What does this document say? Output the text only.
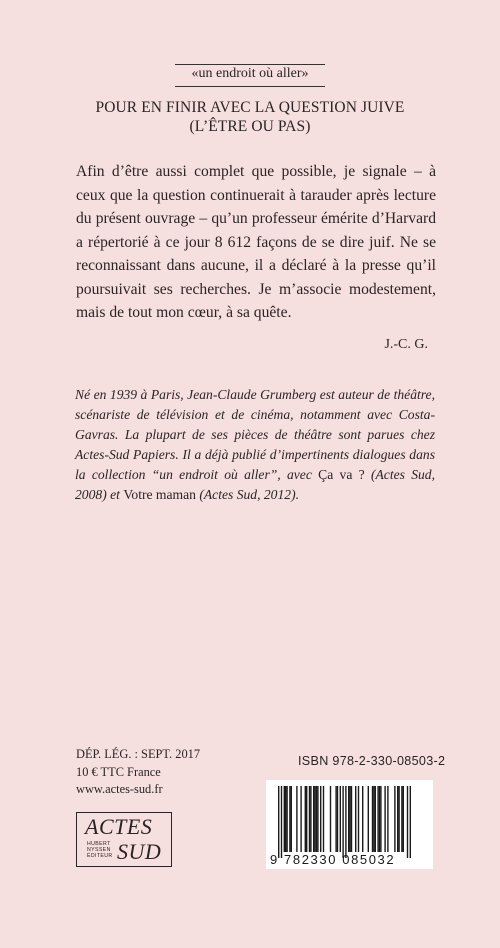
«un endroit où aller»
POUR EN FINIR AVEC LA QUESTION JUIVE
(L’ÊTRE OU PAS)

Afin d’être aussi complet que possible, je signale – à ceux que la question continuerait à tarauder après lecture du présent ouvrage – qu’un professeur émérite d’Harvard a répertorié à ce jour 8 612 façons de se dire juif. Ne se reconnaissant dans aucune, il a déclaré à la presse qu’il poursuivait ses recherches. Je m’associe modestement, mais de tout mon cœur, à sa quête.

J.-C. G.
Né en 1939 à Paris, Jean-Claude Grumberg est auteur de théâtre, scénariste de télévision et de cinéma, notamment avec Costa-Gavras. La plupart de ses pièces de théâtre sont parues chez Actes-Sud Papiers. Il a déjà publié d’impertinents dialogues dans la collection “un endroit où aller”, avec Ça va ? (Actes Sud, 2008) et Votre maman (Actes Sud, 2012).
DÉP. LÉG. : SEPT. 2017
10 € TTC France
www.actes-sud.fr
ACTES
HUBERT
NYSSEN
ÉDITEUR SUD
ISBN 978-2-330-08503-2
9 782330 085032
